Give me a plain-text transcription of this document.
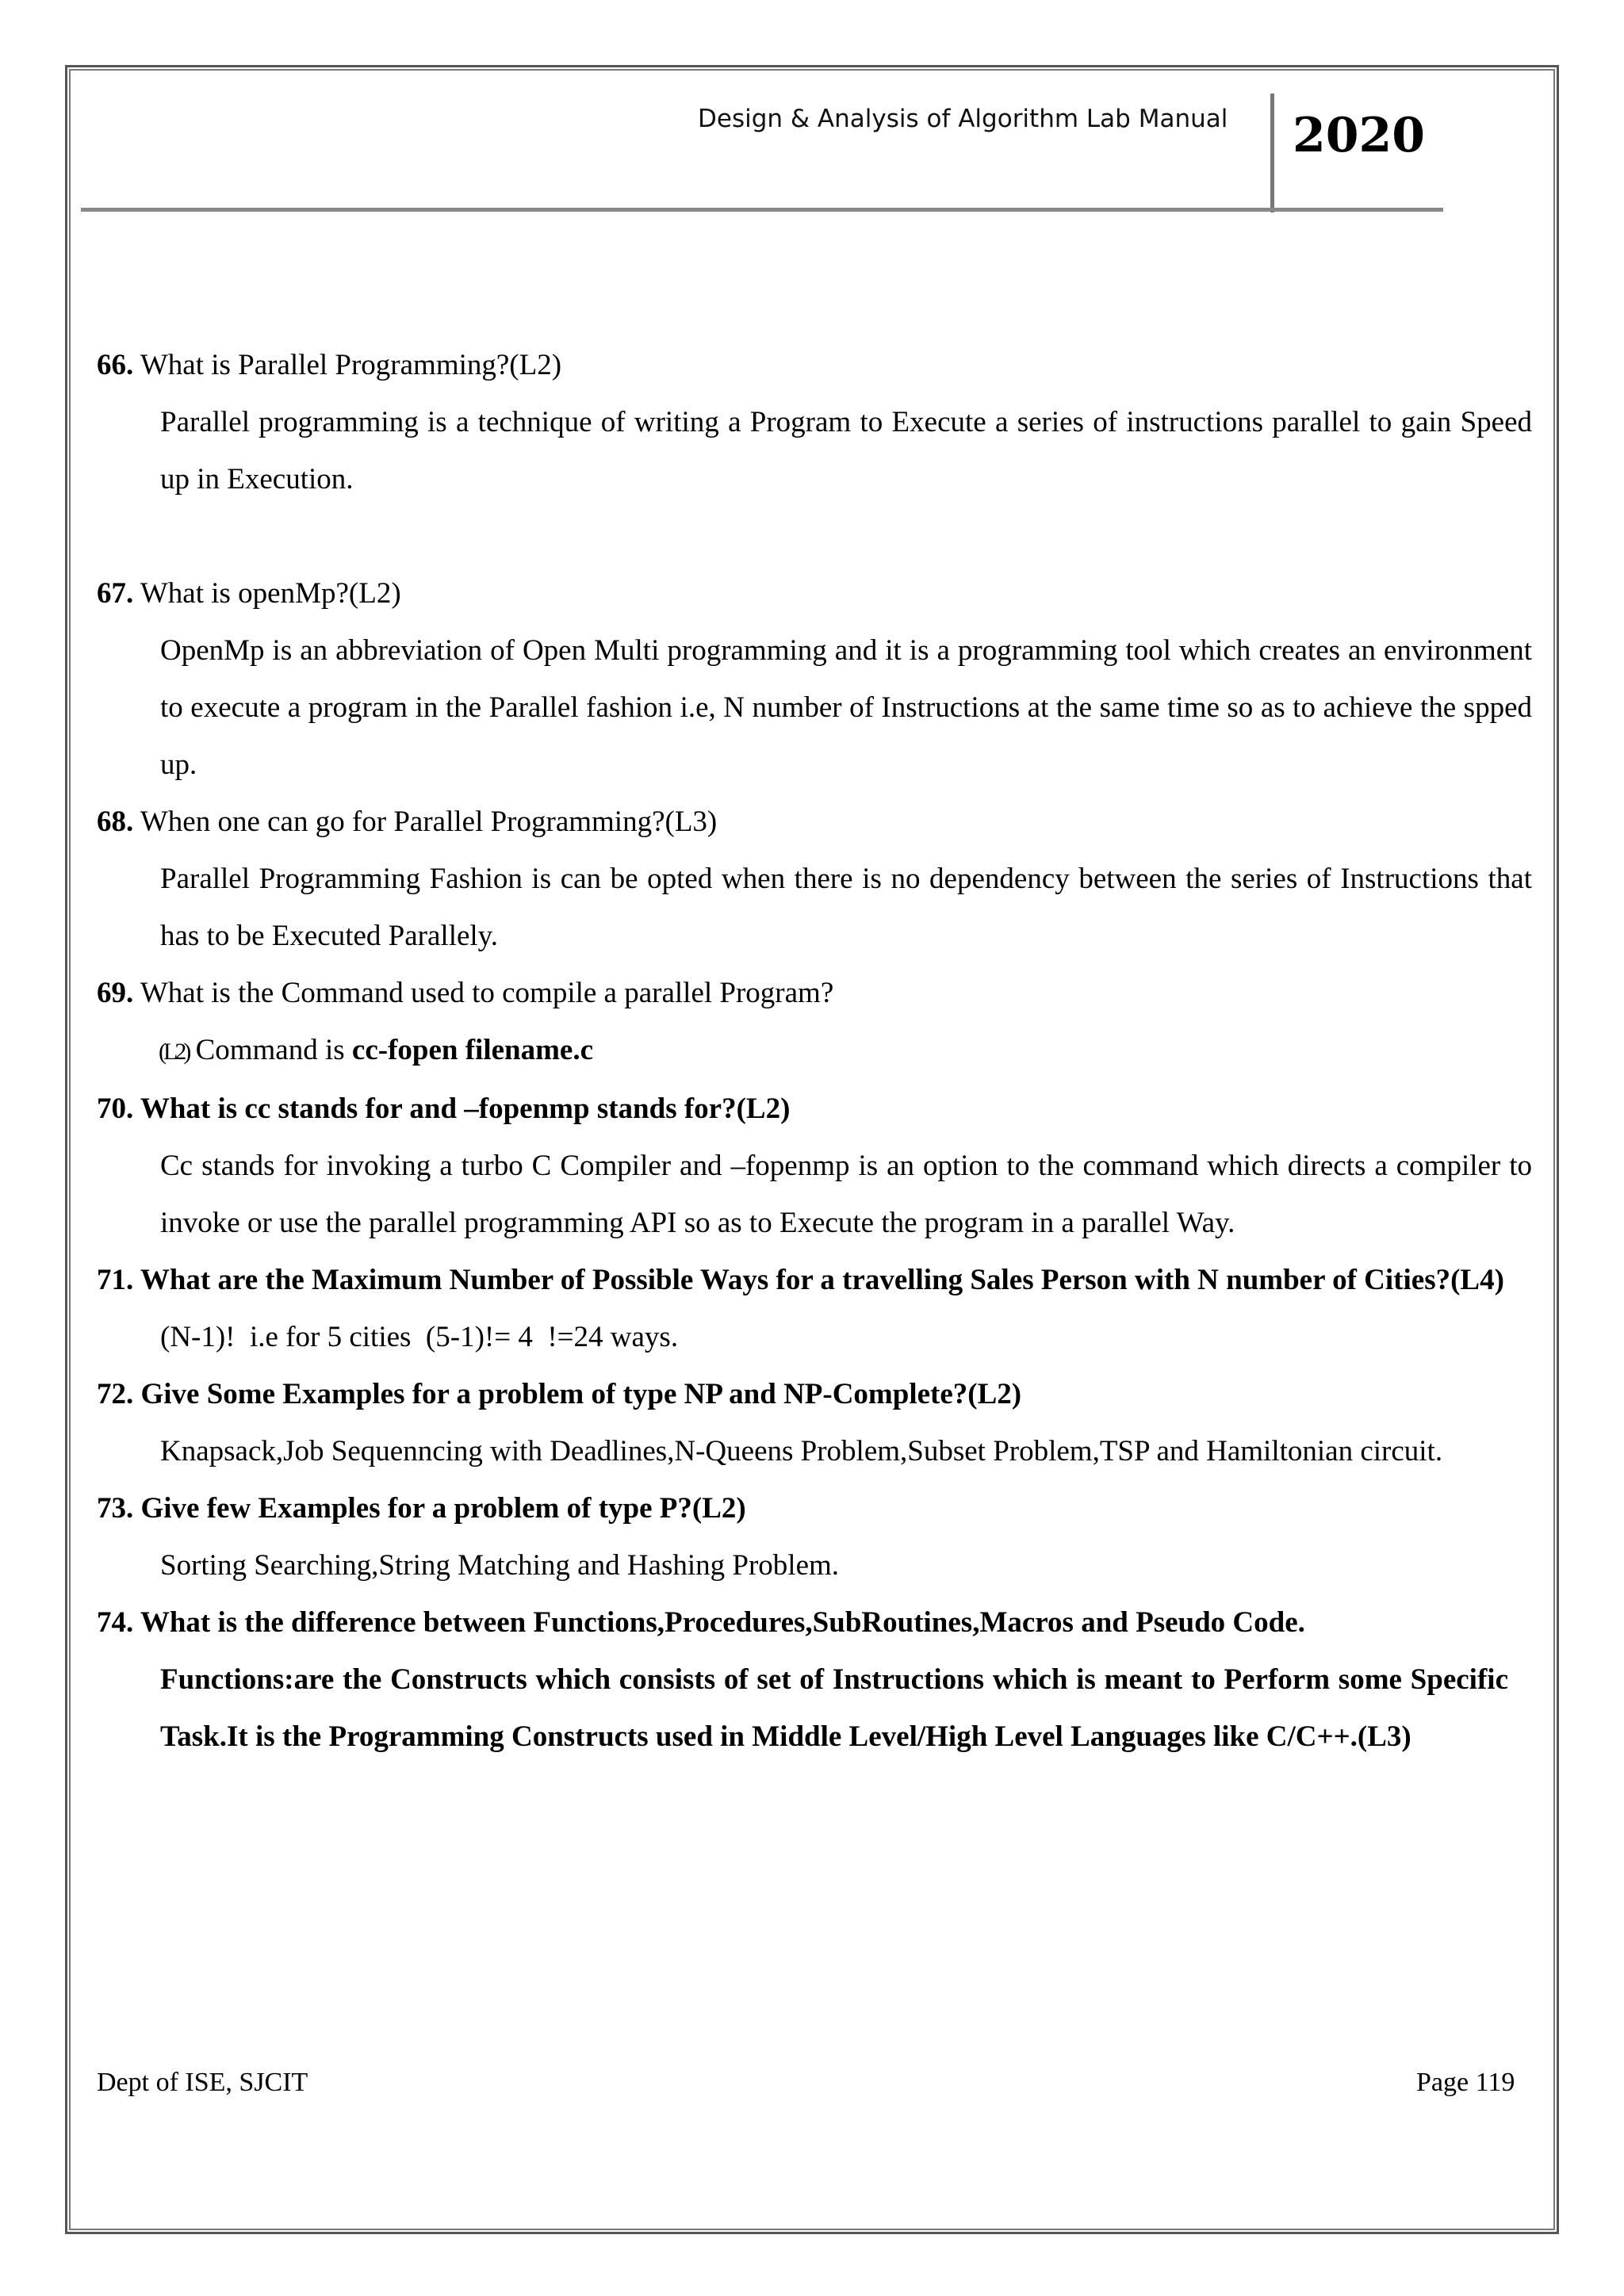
Design & Analysis of Algorithm Lab Manual 2020
66. What is Parallel Programming?(L2)
Parallel programming is a technique of writing a Program to Execute a series of instructions parallel to gain Speed up in Execution.
67. What is openMp?(L2)
OpenMp is an abbreviation of Open Multi programming and it is a programming tool which creates an environment to execute a program in the Parallel fashion i.e, N number of Instructions at the same time so as to achieve the spped up.
68. When one can go for Parallel Programming?(L3)
Parallel Programming Fashion is can be opted when there is no dependency between the series of Instructions that has to be Executed Parallely.
69. What is the Command used to compile a parallel Program?
(L2) Command is cc-fopen filename.c
70. What is cc stands for and –fopenmp stands for?(L2)
Cc stands for invoking a turbo C Compiler and –fopenmp is an option to the command which directs a compiler to invoke or use the parallel programming API so as to Execute the program in a parallel Way.
71. What are the Maximum Number of Possible Ways for a travelling Sales Person with N number of Cities?(L4)
(N-1)!  i.e for 5 cities  (5-1)!= 4  !=24 ways.
72. Give Some Examples for a problem of type NP and NP-Complete?(L2)
Knapsack,Job Sequenncing with Deadlines,N-Queens Problem,Subset Problem,TSP and Hamiltonian circuit.
73. Give few Examples for a problem of type P?(L2)
Sorting Searching,String Matching and Hashing Problem.
74. What is the difference between Functions,Procedures,SubRoutines,Macros and Pseudo Code.
Functions:are the Constructs which consists of set of Instructions which is meant to Perform some Specific Task.It is the Programming Constructs used in Middle Level/High Level Languages like C/C++.(L3)
Dept of ISE, SJCIT	Page 119
